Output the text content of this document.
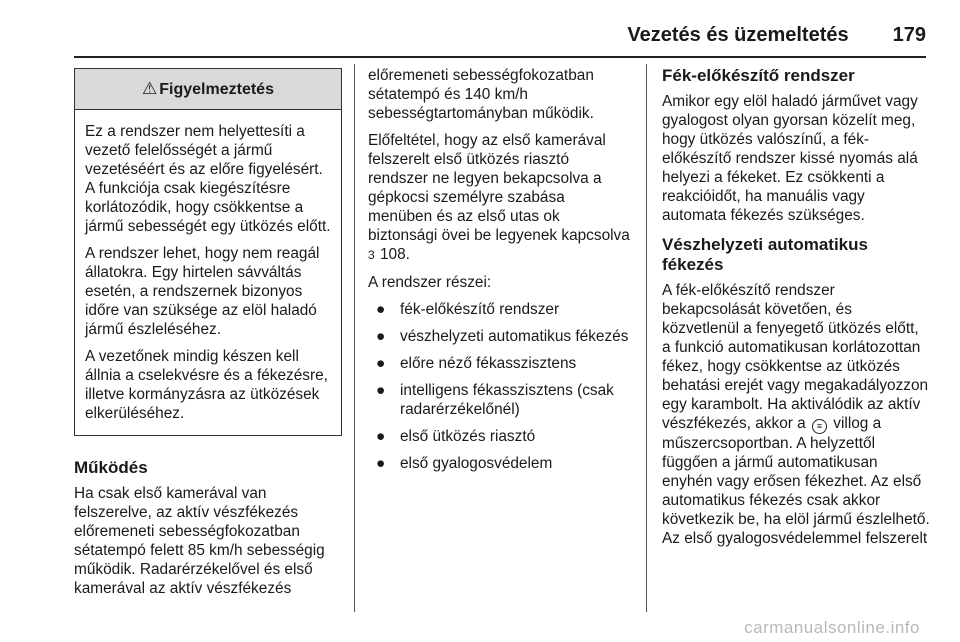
Vezetés és üzemeltetés 179
⚠ Figyelmeztetés

Ez a rendszer nem helyettesíti a vezető felelősségét a jármű vezetéséért és az előre figyelésért. A funkciója csak kiegészítésre korlátozódik, hogy csökkentse a jármű sebességét egy ütközés előtt.

A rendszer lehet, hogy nem reagál állatokra. Egy hirtelen sávváltás esetén, a rendszernek bizonyos időre van szüksége az elöl haladó jármű észleléséhez.

A vezetőnek mindig készen kell állnia a cselekvésre és a fékezésre, illetve kormányzásra az ütközések elkerüléséhez.

Működés

Ha csak első kamerával van felszerelve, az aktív vészfékezés előremeneti sebességfokozatban sétatempó felett 85 km/h sebességig működik. Radarérzékelővel és első kamerával az aktív vészfékezés

előremeneti sebességfokozatban sétatempó és 140 km/h sebességtartományban működik.

Előfeltétel, hogy az első kamerával felszerelt első ütközés riasztó rendszer ne legyen bekapcsolva a gépkocsi személyre szabása menüben és az első utas ok biztonsági övei be legyenek kapcsolva 3 108.

A rendszer részei:

● fék-előkészítő rendszer
● vészhelyzeti automatikus fékezés
● előre néző fékasszisztens
● intelligens fékasszisztens (csak radarérzékelőnél)
● első ütközés riasztó
● első gyalogosvédelem
Fék-előkészítő rendszer

Amikor egy elöl haladó járművet vagy gyalogost olyan gyorsan közelít meg, hogy ütközés valószínű, a fék-előkészítő rendszer kissé nyomás alá helyezi a fékeket. Ez csökkenti a reakcióidőt, ha manuális vagy automata fékezés szükséges.

Vészhelyzeti automatikus fékezés

A fék-előkészítő rendszer bekapcsolását követően, és közvetlenül a fenyegető ütközés előtt, a funkció automatikusan korlátozottan fékez, hogy csökkentse az ütközés behatási erejét vagy megakadályozzon egy karambolt. Ha aktiválódik az aktív vészfékezés, akkor a ≡ villog a műszercsoportban. A helyzettől függően a jármű automatikusan enyhén vagy erősen fékezhet. Az első automatikus fékezés csak akkor következik be, ha elöl jármű észlelhető. Az első gyalogosvédelemmel felszerelt

carmanualsonline.info
